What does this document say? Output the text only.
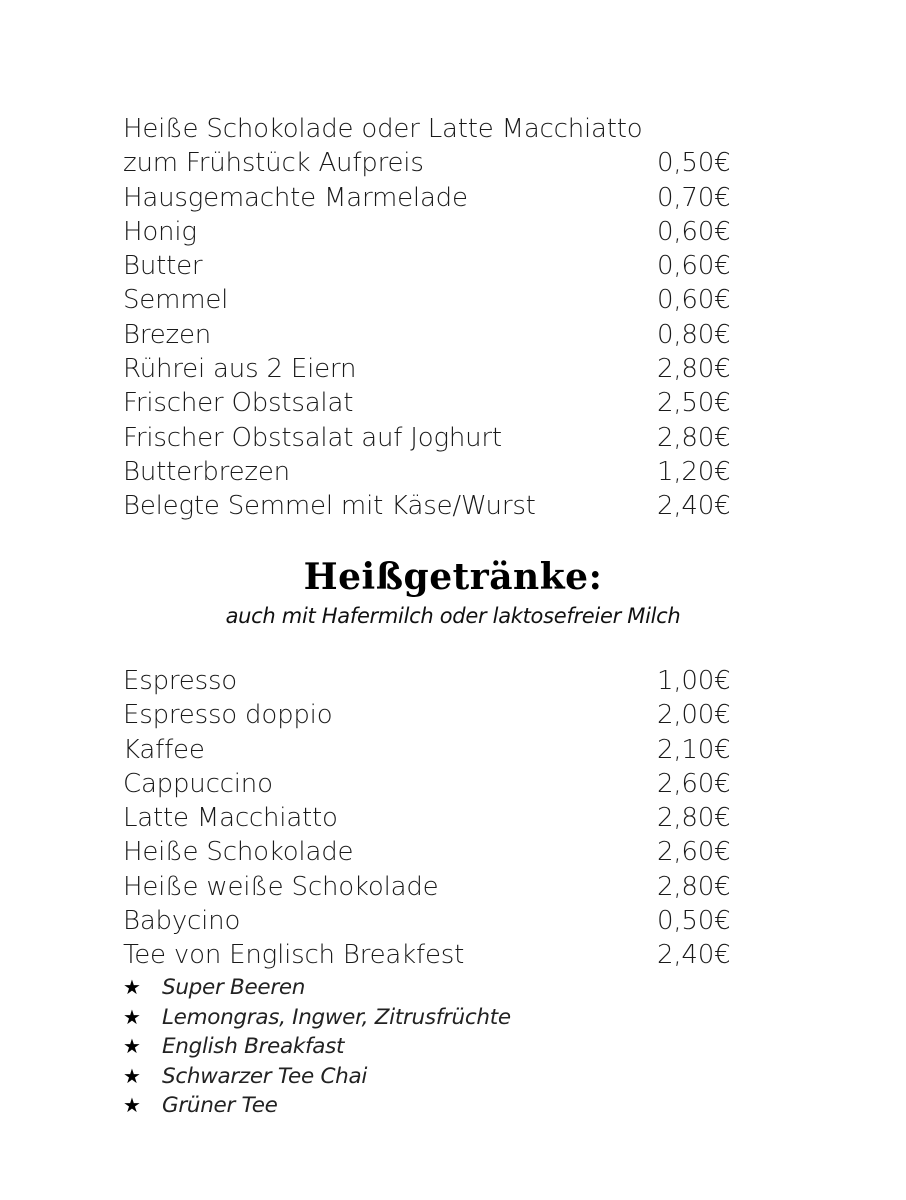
Heiße Schokolade oder Latte Macchiatto
zum Frühstück Aufpreis	0,50€
Hausgemachte Marmelade	0,70€
Honig	0,60€
Butter	0,60€
Semmel	0,60€
Brezen	0,80€
Rührei aus 2 Eiern	2,80€
Frischer Obstsalat	2,50€
Frischer Obstsalat auf Joghurt	2,80€
Butterbrezen	1,20€
Belegte Semmel mit Käse/Wurst	2,40€
Heißgetränke:
auch mit Hafermilch oder laktosefreier Milch
Espresso	1,00€
Espresso doppio	2,00€
Kaffee	2,10€
Cappuccino	2,60€
Latte Macchiatto	2,80€
Heiße Schokolade	2,60€
Heiße weiße Schokolade	2,80€
Babycino	0,50€
Tee von Englisch Breakfest	2,40€
★ Super Beeren
★ Lemongras, Ingwer, Zitrusfrüchte
★ English Breakfast
★ Schwarzer Tee Chai
★ Grüner Tee
